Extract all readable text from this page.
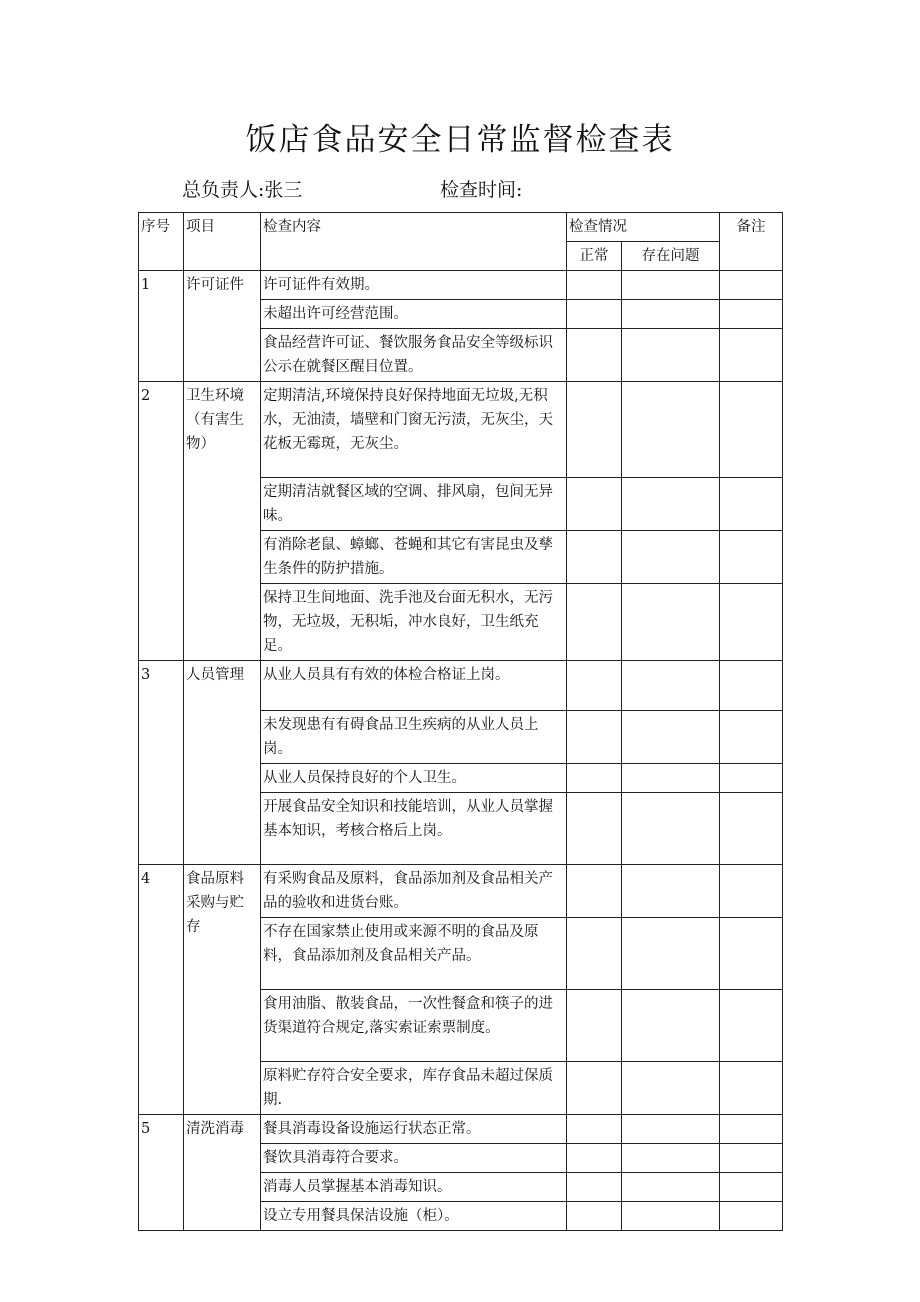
饭店食品安全日常监督检查表
总负责人:张三	检查时间:
序号	项目	检查内容	检查情况		备注
			正常	存在问题	
1	许可证件	许可证件有效期。			
		未超出许可经营范围。			
		食品经营许可证、餐饮服务食品安全等级标识公示在就餐区醒目位置。			
2	卫生环境（有害生物）	定期清洁,环境保持良好保持地面无垃圾,无积水，无油渍，墙壁和门窗无污渍，无灰尘，天花板无霉斑，无灰尘。			
		定期清洁就餐区域的空调、排风扇，包间无异味。			
		有消除老鼠、蟑螂、苍蝇和其它有害昆虫及孳生条件的防护措施。			
		保持卫生间地面、洗手池及台面无积水，无污物，无垃圾，无积垢，冲水良好，卫生纸充足。			
3	人员管理	从业人员具有有效的体检合格证上岗。			
		未发现患有有碍食品卫生疾病的从业人员上岗。			
		从业人员保持良好的个人卫生。			
		开展食品安全知识和技能培训，从业人员掌握基本知识，考核合格后上岗。			
4	食品原料采购与贮存	有采购食品及原料，食品添加剂及食品相关产品的验收和进货台账。			
		不存在国家禁止使用或来源不明的食品及原料，食品添加剂及食品相关产品。			
		食用油脂、散装食品，一次性餐盒和筷子的进货渠道符合规定,落实索证索票制度。			
		原料贮存符合安全要求，库存食品未超过保质期.			
5	清洗消毒	餐具消毒设备设施运行状态正常。			
		餐饮具消毒符合要求。			
		消毒人员掌握基本消毒知识。			
		设立专用餐具保洁设施（柜）。			
